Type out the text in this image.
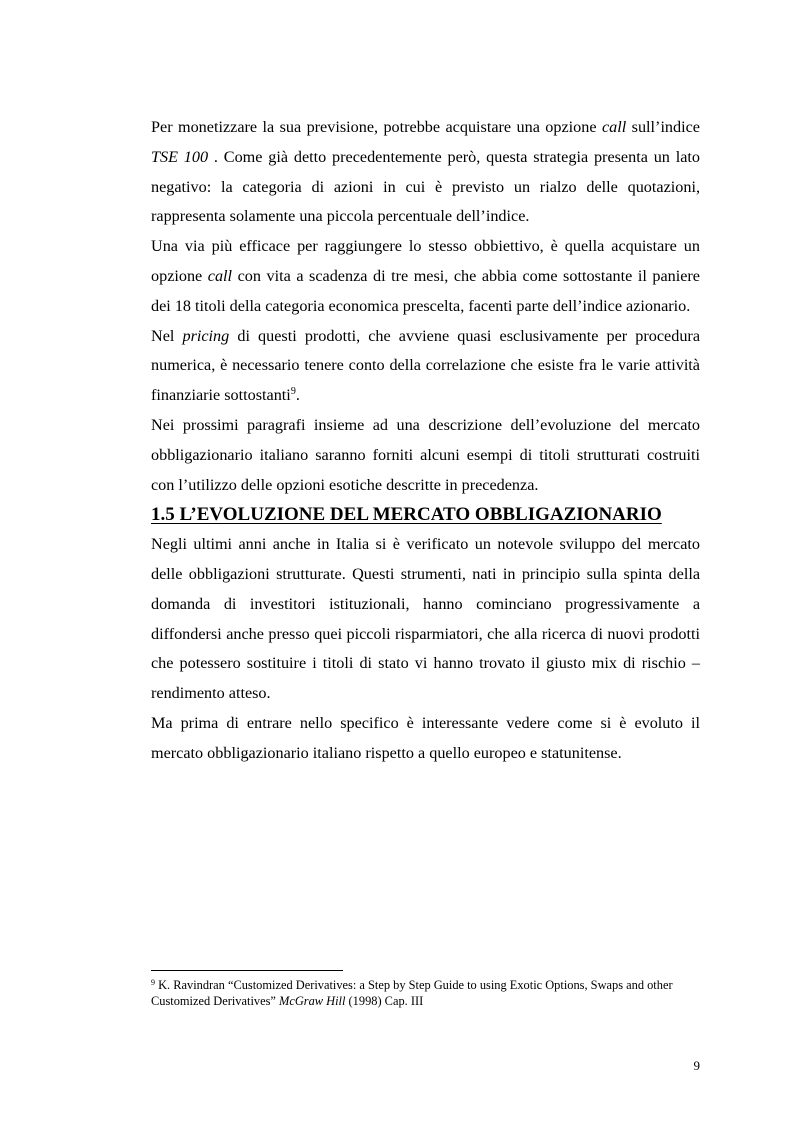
Per monetizzare la sua previsione, potrebbe acquistare una opzione call sull’indice TSE 100 . Come già detto precedentemente però, questa strategia presenta un lato negativo: la categoria di azioni in cui è previsto un rialzo delle quotazioni, rappresenta solamente una piccola percentuale dell’indice.

Una via più efficace per raggiungere lo stesso obbiettivo, è quella acquistare un opzione call con vita a scadenza di tre mesi, che abbia come sottostante il paniere dei 18 titoli della categoria economica prescelta, facenti parte dell’indice azionario.

Nel pricing di questi prodotti, che avviene quasi esclusivamente per procedura numerica, è necessario tenere conto della correlazione che esiste fra le varie attività finanziarie sottostanti$^9$.

Nei prossimi paragrafi insieme ad una descrizione dell’evoluzione del mercato obbligazionario italiano saranno forniti alcuni esempi di titoli strutturati costruiti con l’utilizzo delle opzioni esotiche descritte in precedenza.

1.5 L’EVOLUZIONE DEL MERCATO OBBLIGAZIONARIO

Negli ultimi anni anche in Italia si è verificato un notevole sviluppo del mercato delle obbligazioni strutturate. Questi strumenti, nati in principio sulla spinta della domanda di investitori istituzionali, hanno cominciano progressivamente a diffondersi anche presso quei piccoli risparmiatori, che alla ricerca di nuovi prodotti che potessero sostituire i titoli di stato vi hanno trovato il giusto mix di rischio – rendimento atteso.

Ma prima di entrare nello specifico è interessante vedere come si è evoluto il mercato obbligazionario italiano rispetto a quello europeo e statunitense.

$^9$ K. Ravindran “Customized Derivatives: a Step by Step Guide to using Exotic Options, Swaps and other Customized Derivatives” McGraw Hill (1998) Cap. III
9
